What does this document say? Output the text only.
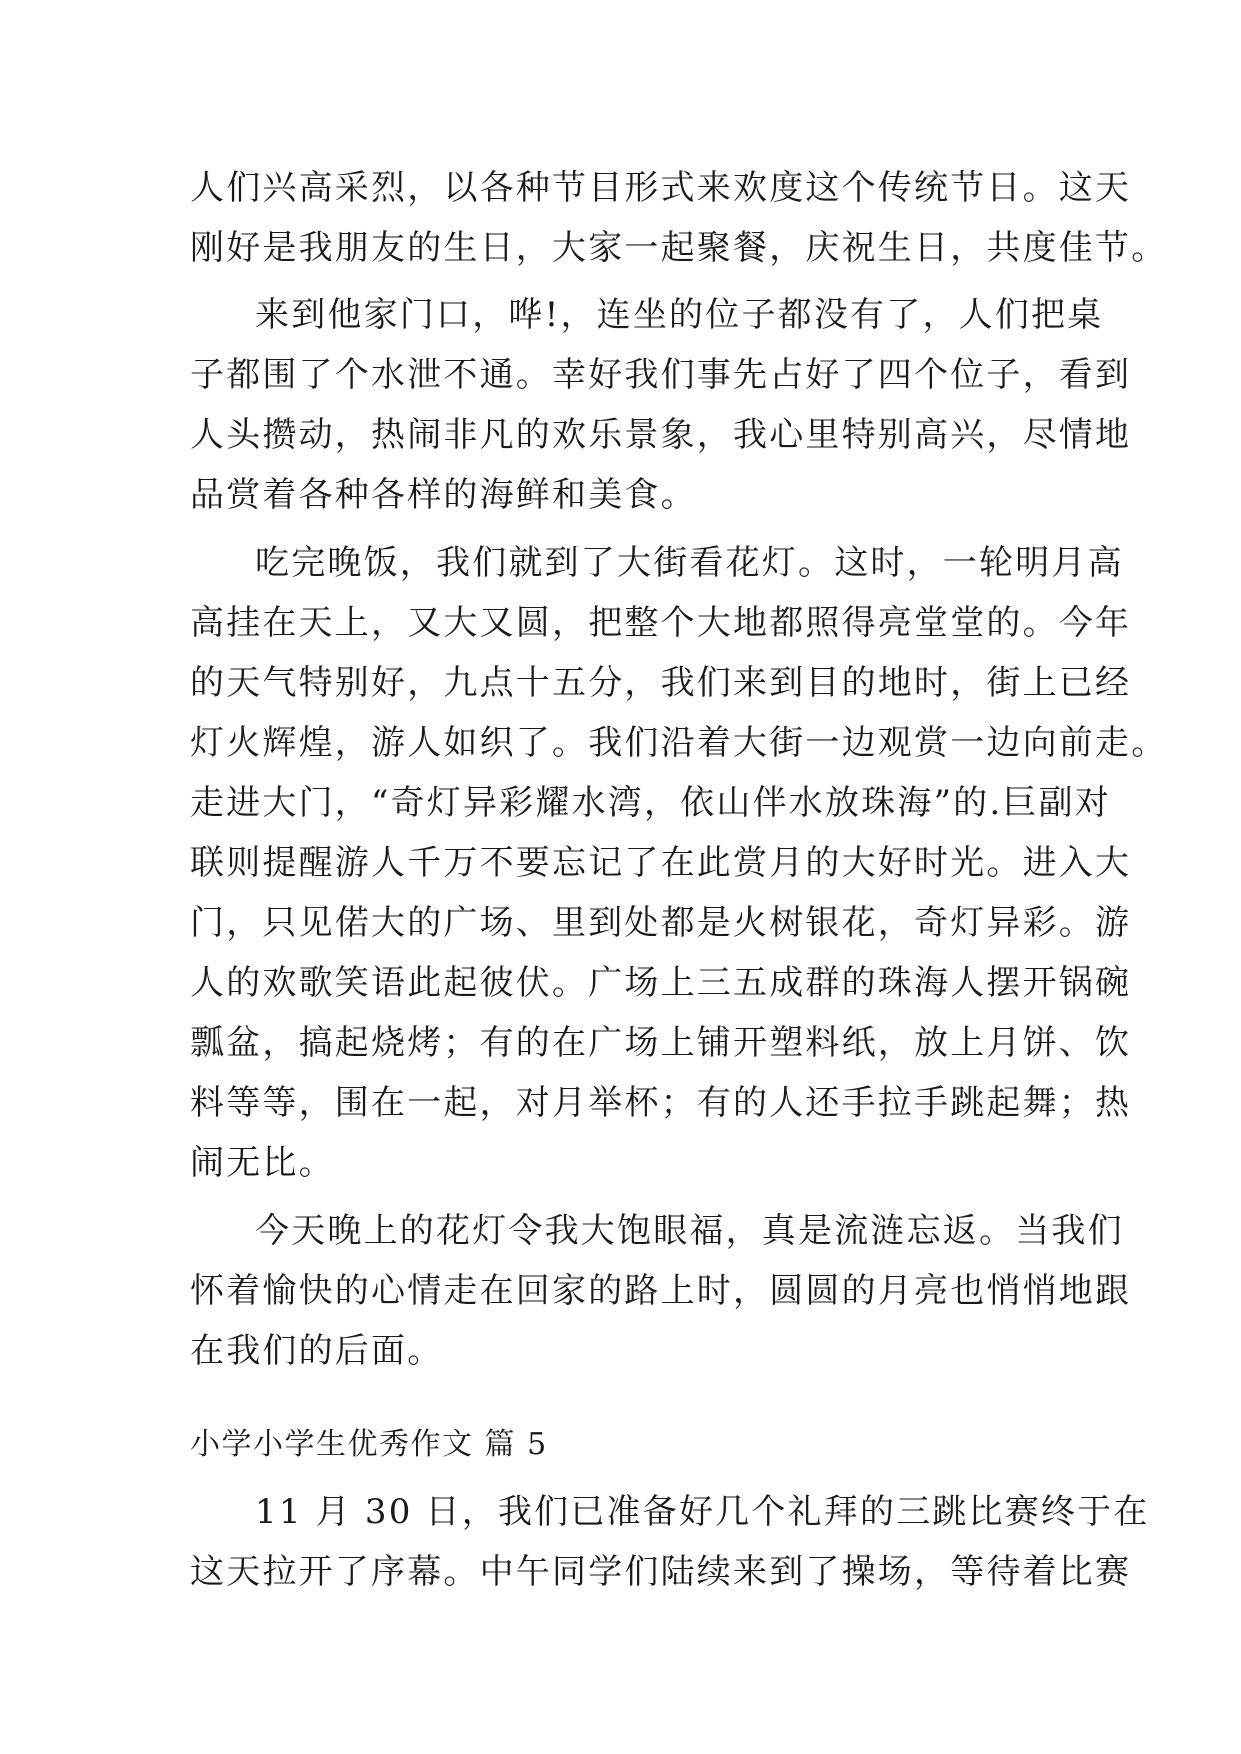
人们兴高采烈，以各种节目形式来欢度这个传统节日。这天
刚好是我朋友的生日，大家一起聚餐，庆祝生日，共度佳节。
来到他家门口，哗!，连坐的位子都没有了，人们把桌
子都围了个水泄不通。幸好我们事先占好了四个位子，看到
人头攒动，热闹非凡的欢乐景象，我心里特别高兴，尽情地
品赏着各种各样的海鲜和美食。
吃完晚饭，我们就到了大街看花灯。这时，一轮明月高
高挂在天上，又大又圆，把整个大地都照得亮堂堂的。今年
的天气特别好，九点十五分，我们来到目的地时，街上已经
灯火辉煌，游人如织了。我们沿着大街一边观赏一边向前走。
走进大门，“奇灯异彩耀水湾，依山伴水放珠海”的.巨副对
联则提醒游人千万不要忘记了在此赏月的大好时光。进入大
门，只见偌大的广场、里到处都是火树银花，奇灯异彩。游
人的欢歌笑语此起彼伏。广场上三五成群的珠海人摆开锅碗
瓢盆，搞起烧烤；有的在广场上铺开塑料纸，放上月饼、饮
料等等，围在一起，对月举杯；有的人还手拉手跳起舞；热
闹无比。
今天晚上的花灯令我大饱眼福，真是流涟忘返。当我们
怀着愉快的心情走在回家的路上时，圆圆的月亮也悄悄地跟
在我们的后面。
小学小学生优秀作文 篇 5
11 月 30 日，我们已准备好几个礼拜的三跳比赛终于在
这天拉开了序幕。中午同学们陆续来到了操场，等待着比赛
